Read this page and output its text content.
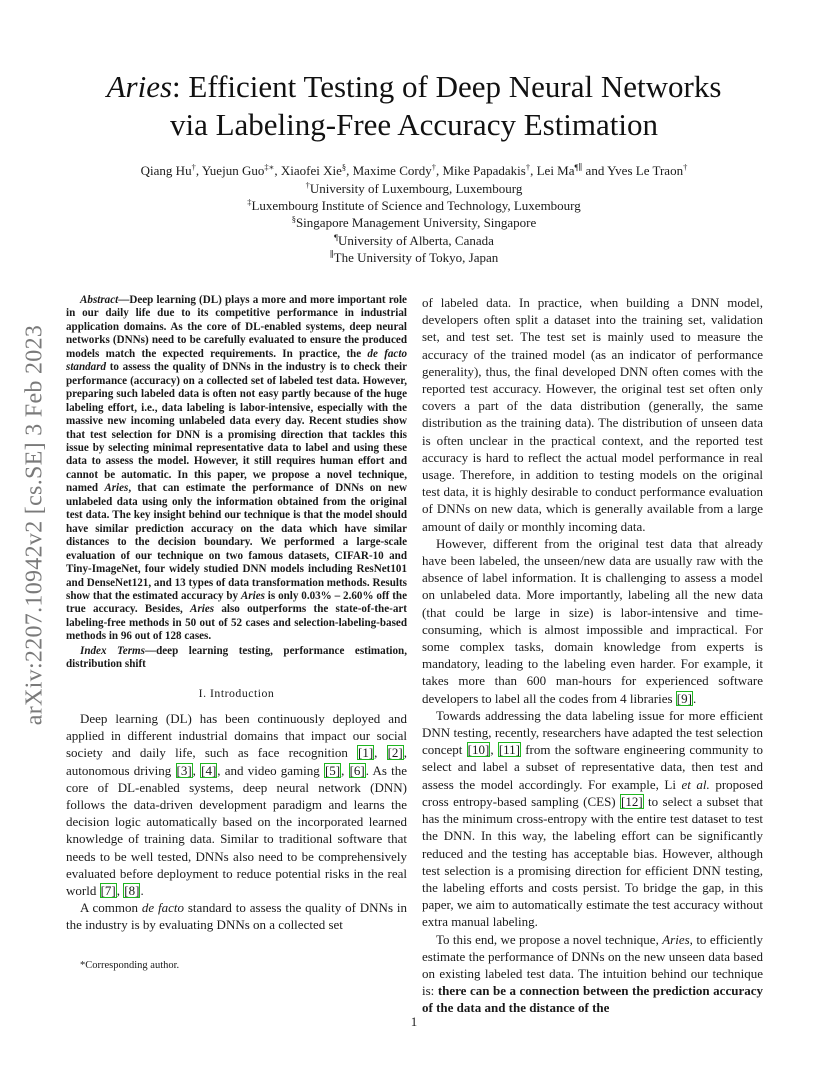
arXiv:2207.10942v2 [cs.SE] 3 Feb 2023
Aries: Efficient Testing of Deep Neural Networks
via Labeling-Free Accuracy Estimation
Qiang Hu†, Yuejun Guo‡∗, Xiaofei Xie§, Maxime Cordy†, Mike Papadakis†, Lei Ma¶∥ and Yves Le Traon†
†University of Luxembourg, Luxembourg
‡Luxembourg Institute of Science and Technology, Luxembourg
§Singapore Management University, Singapore
¶University of Alberta, Canada
∥The University of Tokyo, Japan

Abstract—Deep learning (DL) plays a more and more important role in our daily life due to its competitive performance in industrial application domains. As the core of DL-enabled systems, deep neural networks (DNNs) need to be carefully evaluated to ensure the produced models match the expected requirements. In practice, the de facto standard to assess the quality of DNNs in the industry is to check their performance (accuracy) on a collected set of labeled test data. However, preparing such labeled data is often not easy partly because of the huge labeling effort, i.e., data labeling is labor-intensive, especially with the massive new incoming unlabeled data every day. Recent studies show that test selection for DNN is a promising direction that tackles this issue by selecting minimal representative data to label and using these data to assess the model. However, it still requires human effort and cannot be automatic. In this paper, we propose a novel technique, named Aries, that can estimate the performance of DNNs on new unlabeled data using only the information obtained from the original test data. The key insight behind our technique is that the model should have similar prediction accuracy on the data which have similar distances to the decision boundary. We performed a large-scale evaluation of our technique on two famous datasets, CIFAR-10 and Tiny-ImageNet, four widely studied DNN models including ResNet101 and DenseNet121, and 13 types of data transformation methods. Results show that the estimated accuracy by Aries is only 0.03% – 2.60% off the true accuracy. Besides, Aries also outperforms the state-of-the-art labeling-free methods in 50 out of 52 cases and selection-labeling-based methods in 96 out of 128 cases.

Index Terms—deep learning testing, performance estimation, distribution shift

I. Introduction

Deep learning (DL) has been continuously deployed and applied in different industrial domains that impact our social society and daily life, such as face recognition [1], [2], autonomous driving [3], [4], and video gaming [5], [6]. As the core of DL-enabled systems, deep neural network (DNN) follows the data-driven development paradigm and learns the decision logic automatically based on the incorporated learned knowledge of training data. Similar to traditional software that needs to be well tested, DNNs also need to be comprehensively evaluated before deployment to reduce potential risks in the real world [7], [8].

A common de facto standard to assess the quality of DNNs in the industry is by evaluating DNNs on a collected set

of labeled data. In practice, when building a DNN model, developers often split a dataset into the training set, validation set, and test set. The test set is mainly used to measure the accuracy of the trained model (as an indicator of performance generality), thus, the final developed DNN often comes with the reported test accuracy. However, the original test set often only covers a part of the data distribution (generally, the same distribution as the training data). The distribution of unseen data is often unclear in the practical context, and the reported test accuracy is hard to reflect the actual model performance in real usage. Therefore, in addition to testing models on the original test data, it is highly desirable to conduct performance evaluation of DNNs on new data, which is generally available from a large amount of daily or monthly incoming data.

However, different from the original test data that already have been labeled, the unseen/new data are usually raw with the absence of label information. It is challenging to assess a model on unlabeled data. More importantly, labeling all the new data (that could be large in size) is labor-intensive and time-consuming, which is almost impossible and impractical. For some complex tasks, domain knowledge from experts is mandatory, leading to the labeling even harder. For example, it takes more than 600 man-hours for experienced software developers to label all the codes from 4 libraries [9].

Towards addressing the data labeling issue for more efficient DNN testing, recently, researchers have adapted the test selection concept [10], [11] from the software engineering community to select and label a subset of representative data, then test and assess the model accordingly. For example, Li et al. proposed cross entropy-based sampling (CES) [12] to select a subset that has the minimum cross-entropy with the entire test dataset to test the DNN. In this way, the labeling effort can be significantly reduced and the testing has acceptable bias. However, although test selection is a promising direction for efficient DNN testing, the labeling efforts and costs persist. To bridge the gap, in this paper, we aim to automatically estimate the test accuracy without extra manual labeling.

To this end, we propose a novel technique, Aries, to efficiently estimate the performance of DNNs on the new unseen data based on existing labeled test data. The intuition behind our technique is: there can be a connection between the prediction accuracy of the data and the distance of the

*Corresponding author.
1
